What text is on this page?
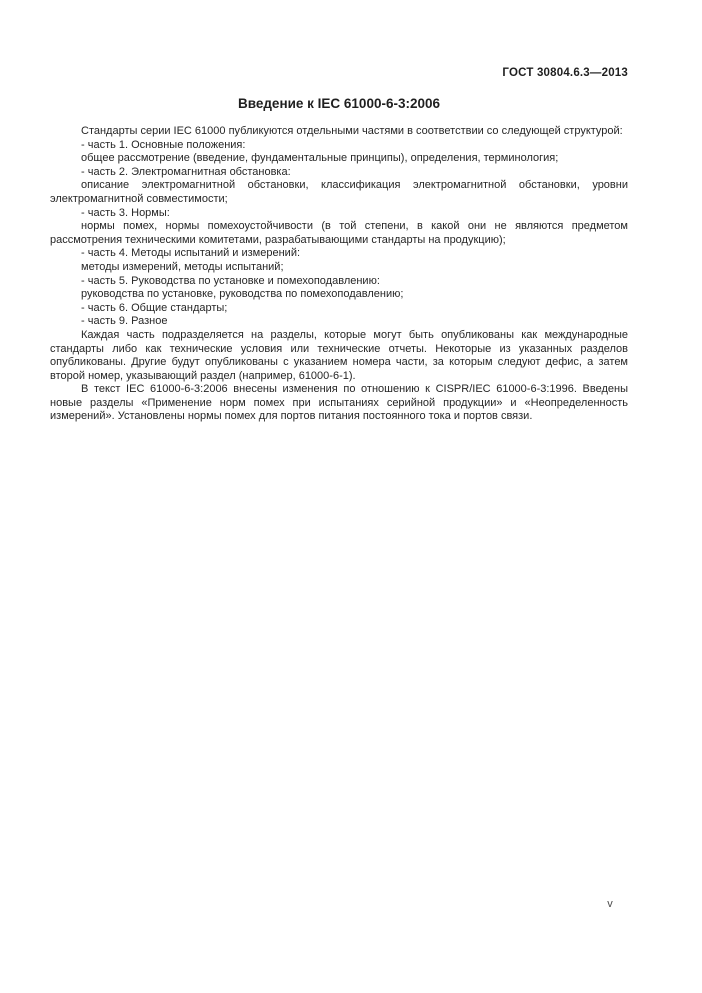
ГОСТ 30804.6.3—2013
Введение к IEC 61000-6-3:2006

Стандарты серии IEC 61000 публикуются отдельными частями в соответствии со следующей структурой:

- часть 1. Основные положения:

общее рассмотрение (введение, фундаментальные принципы), определения, терминология;

- часть 2. Электромагнитная обстановка:

описание электромагнитной обстановки, классификация электромагнитной обстановки, уровни электромагнитной совместимости;

- часть 3. Нормы:

нормы помех, нормы помехоустойчивости (в той степени, в какой они не являются предметом рассмотрения техническими комитетами, разрабатывающими стандарты на продукцию);

- часть 4. Методы испытаний и измерений:

методы измерений, методы испытаний;

- часть 5. Руководства по установке и помехоподавлению:

руководства по установке, руководства по помехоподавлению;

- часть 6. Общие стандарты;

- часть 9. Разное

Каждая часть подразделяется на разделы, которые могут быть опубликованы как международные стандарты либо как технические условия или технические отчеты. Некоторые из указанных разделов опубликованы. Другие будут опубликованы с указанием номера части, за которым следуют дефис, а затем второй номер, указывающий раздел (например, 61000-6-1).

В текст IEC 61000-6-3:2006 внесены изменения по отношению к CISPR/IEC 61000-6-3:1996. Введены новые разделы «Применение норм помех при испытаниях серийной продукции» и «Неопределенность измерений». Установлены нормы помех для портов питания постоянного тока и портов связи.

v
